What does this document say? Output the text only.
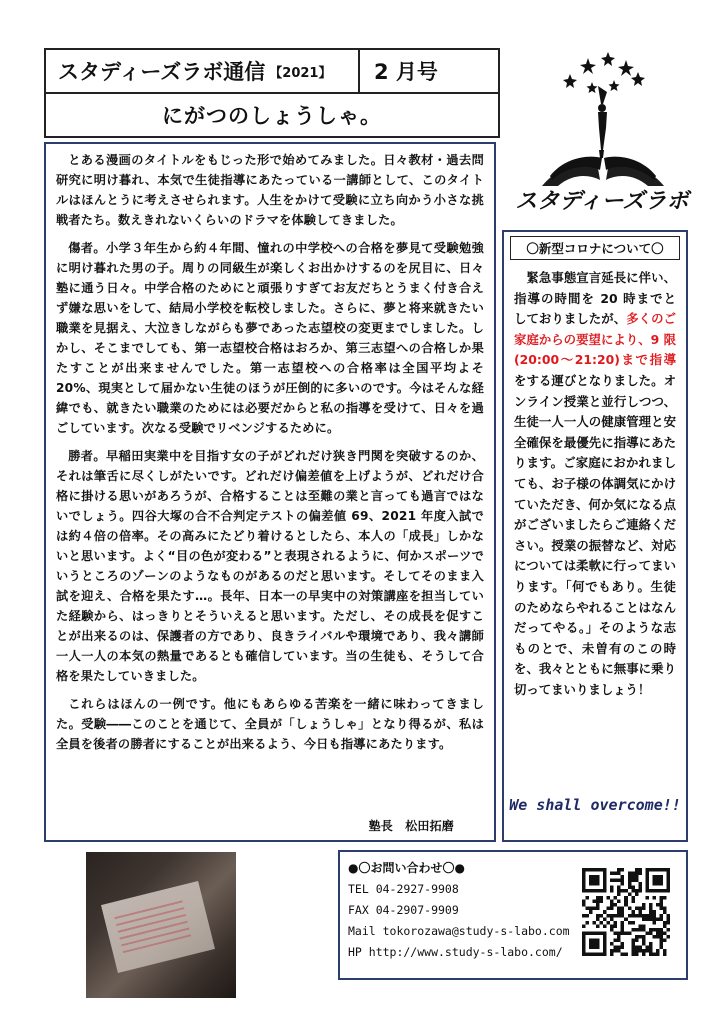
スタディーズラボ通信 【2021】 2 月号
にがつのしょうしゃ。
スタディーズラボ

とある漫画のタイトルをもじった形で始めてみました。日々教材・過去問研究に明け暮れ、本気で生徒指導にあたっている一講師として、このタイトルはほんとうに考えさせられます。人生をかけて受験に立ち向かう小さな挑戦者たち。数えきれないくらいのドラマを体験してきました。

傷者。小学３年生から約４年間、憧れの中学校への合格を夢見て受験勉強に明け暮れた男の子。周りの同級生が楽しくお出かけするのを尻目に、日々塾に通う日々。中学合格のためにと頑張りすぎてお友だちとうまく付き合えず嫌な思いをして、結局小学校を転校しました。さらに、夢と将来就きたい職業を見据え、大泣きしながらも夢であった志望校の変更までしました。しかし、そこまでしても、第一志望校合格はおろか、第三志望への合格しか果たすことが出来ませんでした。第一志望校への合格率は全国平均よそ 20%、現実として届かない生徒のほうが圧倒的に多いのです。今はそんな経緯でも、就きたい職業のためには必要だからと私の指導を受けて、日々を過ごしています。次なる受験でリベンジするために。

勝者。早稲田実業中を目指す女の子がどれだけ狭き門関を突破するのか、それは筆舌に尽くしがたいです。どれだけ偏差値を上げようが、どれだけ合格に掛ける思いがあろうが、合格することは至難の業と言っても過言ではないでしょう。四谷大塚の合不合判定テストの偏差値 69、2021 年度入試では約４倍の倍率。その高みにたどり着けるとしたら、本人の「成長」しかないと思います。よく“目の色が変わる”と表現されるように、何かスポーツでいうところのゾーンのようなものがあるのだと思います。そしてそのまま入試を迎え、合格を果たす…。長年、日本一の早実中の対策講座を担当していた経験から、はっきりとそういえると思います。ただし、その成長を促すことが出来るのは、保護者の方であり、良きライバルや環境であり、我々講師一人一人の本気の熱量であるとも確信しています。当の生徒も、そうして合格を果たしていきました。

これらはほんの一例です。他にもあらゆる苦楽を一緒に味わってきました。受験――このことを通じて、全員が「しょうしゃ」となり得るが、私は全員を後者の勝者にすることが出来るよう、今日も指導にあたります。

塾長　松田拓磨
〇新型コロナについて〇
緊急事態宣言延長に伴い、指導の時間を 20 時までとしておりましたが、多くのご家庭からの要望により、9 限(20:00～21:20)まで指導をする運びとなりました。オンライン授業と並行しつつ、生徒一人一人の健康管理と安全確保を最優先に指導にあたります。ご家庭におかれましても、お子様の体調気にかけていただき、何か気になる点がございましたらご連絡ください。授業の振替など、対応については柔軟に行ってまいります。「何でもあり。生徒のためならやれることはなんだってやる。」そのような志ものとで、未曽有のこの時を、我々とともに無事に乗り切ってまいりましょう！
We shall overcome!!
●〇お問い合わせ〇●
TEL 04-2927-9908
FAX 04-2907-9909
Mail tokorozawa@study-s-labo.com
HP http://www.study-s-labo.com/
